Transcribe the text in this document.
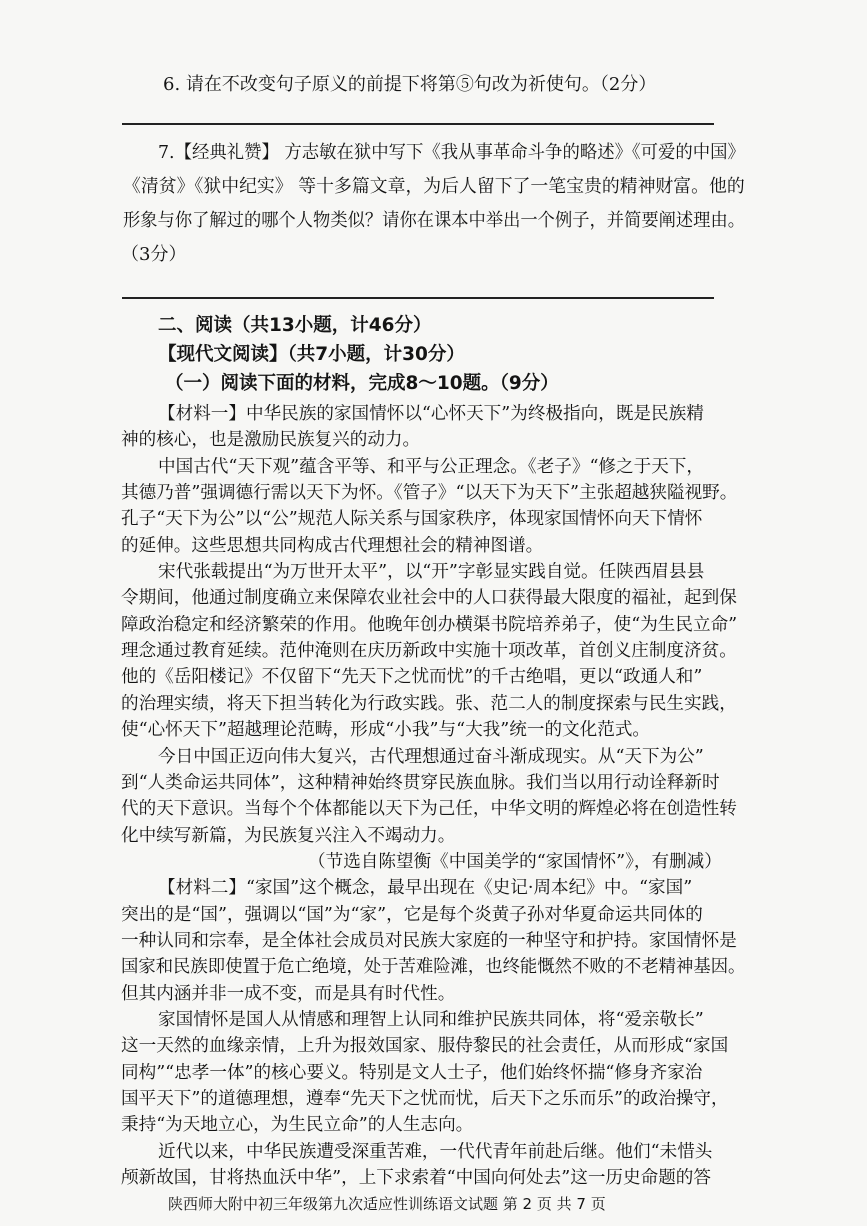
6. 请在不改变句子原义的前提下将第⑤句改为祈使句。（2分）
7.【经典礼赞】 方志敏在狱中写下《我从事革命斗争的略述》《可爱的中国》
《清贫》《狱中纪实》 等十多篇文章，为后人留下了一笔宝贵的精神财富。他的
形象与你了解过的哪个人物类似？请你在课本中举出一个例子，并简要阐述理由。
（3分）
二、阅读（共13小题，计46分）
【现代文阅读】（共7小题，计30分）
（一）阅读下面的材料，完成8～10题。（9分）
【材料一】中华民族的家国情怀以“心怀天下”为终极指向，既是民族精
神的核心，也是激励民族复兴的动力。
中国古代“天下观”蕴含平等、和平与公正理念。《老子》“修之于天下，
其德乃普”强调德行需以天下为怀。《管子》“以天下为天下”主张超越狭隘视野。
孔子“天下为公”以“公”规范人际关系与国家秩序，体现家国情怀向天下情怀
的延伸。这些思想共同构成古代理想社会的精神图谱。
宋代张载提出“为万世开太平”，以“开”字彰显实践自觉。任陕西眉县县
令期间，他通过制度确立来保障农业社会中的人口获得最大限度的福祉，起到保
障政治稳定和经济繁荣的作用。他晚年创办横渠书院培养弟子，使“为生民立命”
理念通过教育延续。范仲淹则在庆历新政中实施十项改革，首创义庄制度济贫。
他的《岳阳楼记》不仅留下“先天下之忧而忧”的千古绝唱，更以“政通人和”
的治理实绩，将天下担当转化为行政实践。张、范二人的制度探索与民生实践，
使“心怀天下”超越理论范畴，形成“小我”与“大我”统一的文化范式。
今日中国正迈向伟大复兴，古代理想通过奋斗渐成现实。从“天下为公”
到“人类命运共同体”，这种精神始终贯穿民族血脉。我们当以用行动诠释新时
代的天下意识。当每个个体都能以天下为己任，中华文明的辉煌必将在创造性转
化中续写新篇，为民族复兴注入不竭动力。
（节选自陈望衡《中国美学的“家国情怀”》，有删减）
【材料二】“家国”这个概念，最早出现在《史记·周本纪》中。“家国”
突出的是“国”，强调以“国”为“家”，它是每个炎黄子孙对华夏命运共同体的
一种认同和宗奉，是全体社会成员对民族大家庭的一种坚守和护持。家国情怀是
国家和民族即使置于危亡绝境，处于苦难险滩，也终能慨然不败的不老精神基因。
但其内涵并非一成不变，而是具有时代性。
家国情怀是国人从情感和理智上认同和维护民族共同体，将“爱亲敬长”
这一天然的血缘亲情，上升为报效国家、服侍黎民的社会责任，从而形成“家国
同构”“忠孝一体”的核心要义。特别是文人士子，他们始终怀揣“修身齐家治
国平天下”的道德理想，遵奉“先天下之忧而忧，后天下之乐而乐”的政治操守，
秉持“为天地立心，为生民立命”的人生志向。
近代以来，中华民族遭受深重苦难，一代代青年前赴后继。他们“未惜头
颅新故国，甘将热血沃中华”，上下求索着“中国向何处去”这一历史命题的答
陕西师大附中初三年级第九次适应性训练语文试题 第 2 页 共 7 页
